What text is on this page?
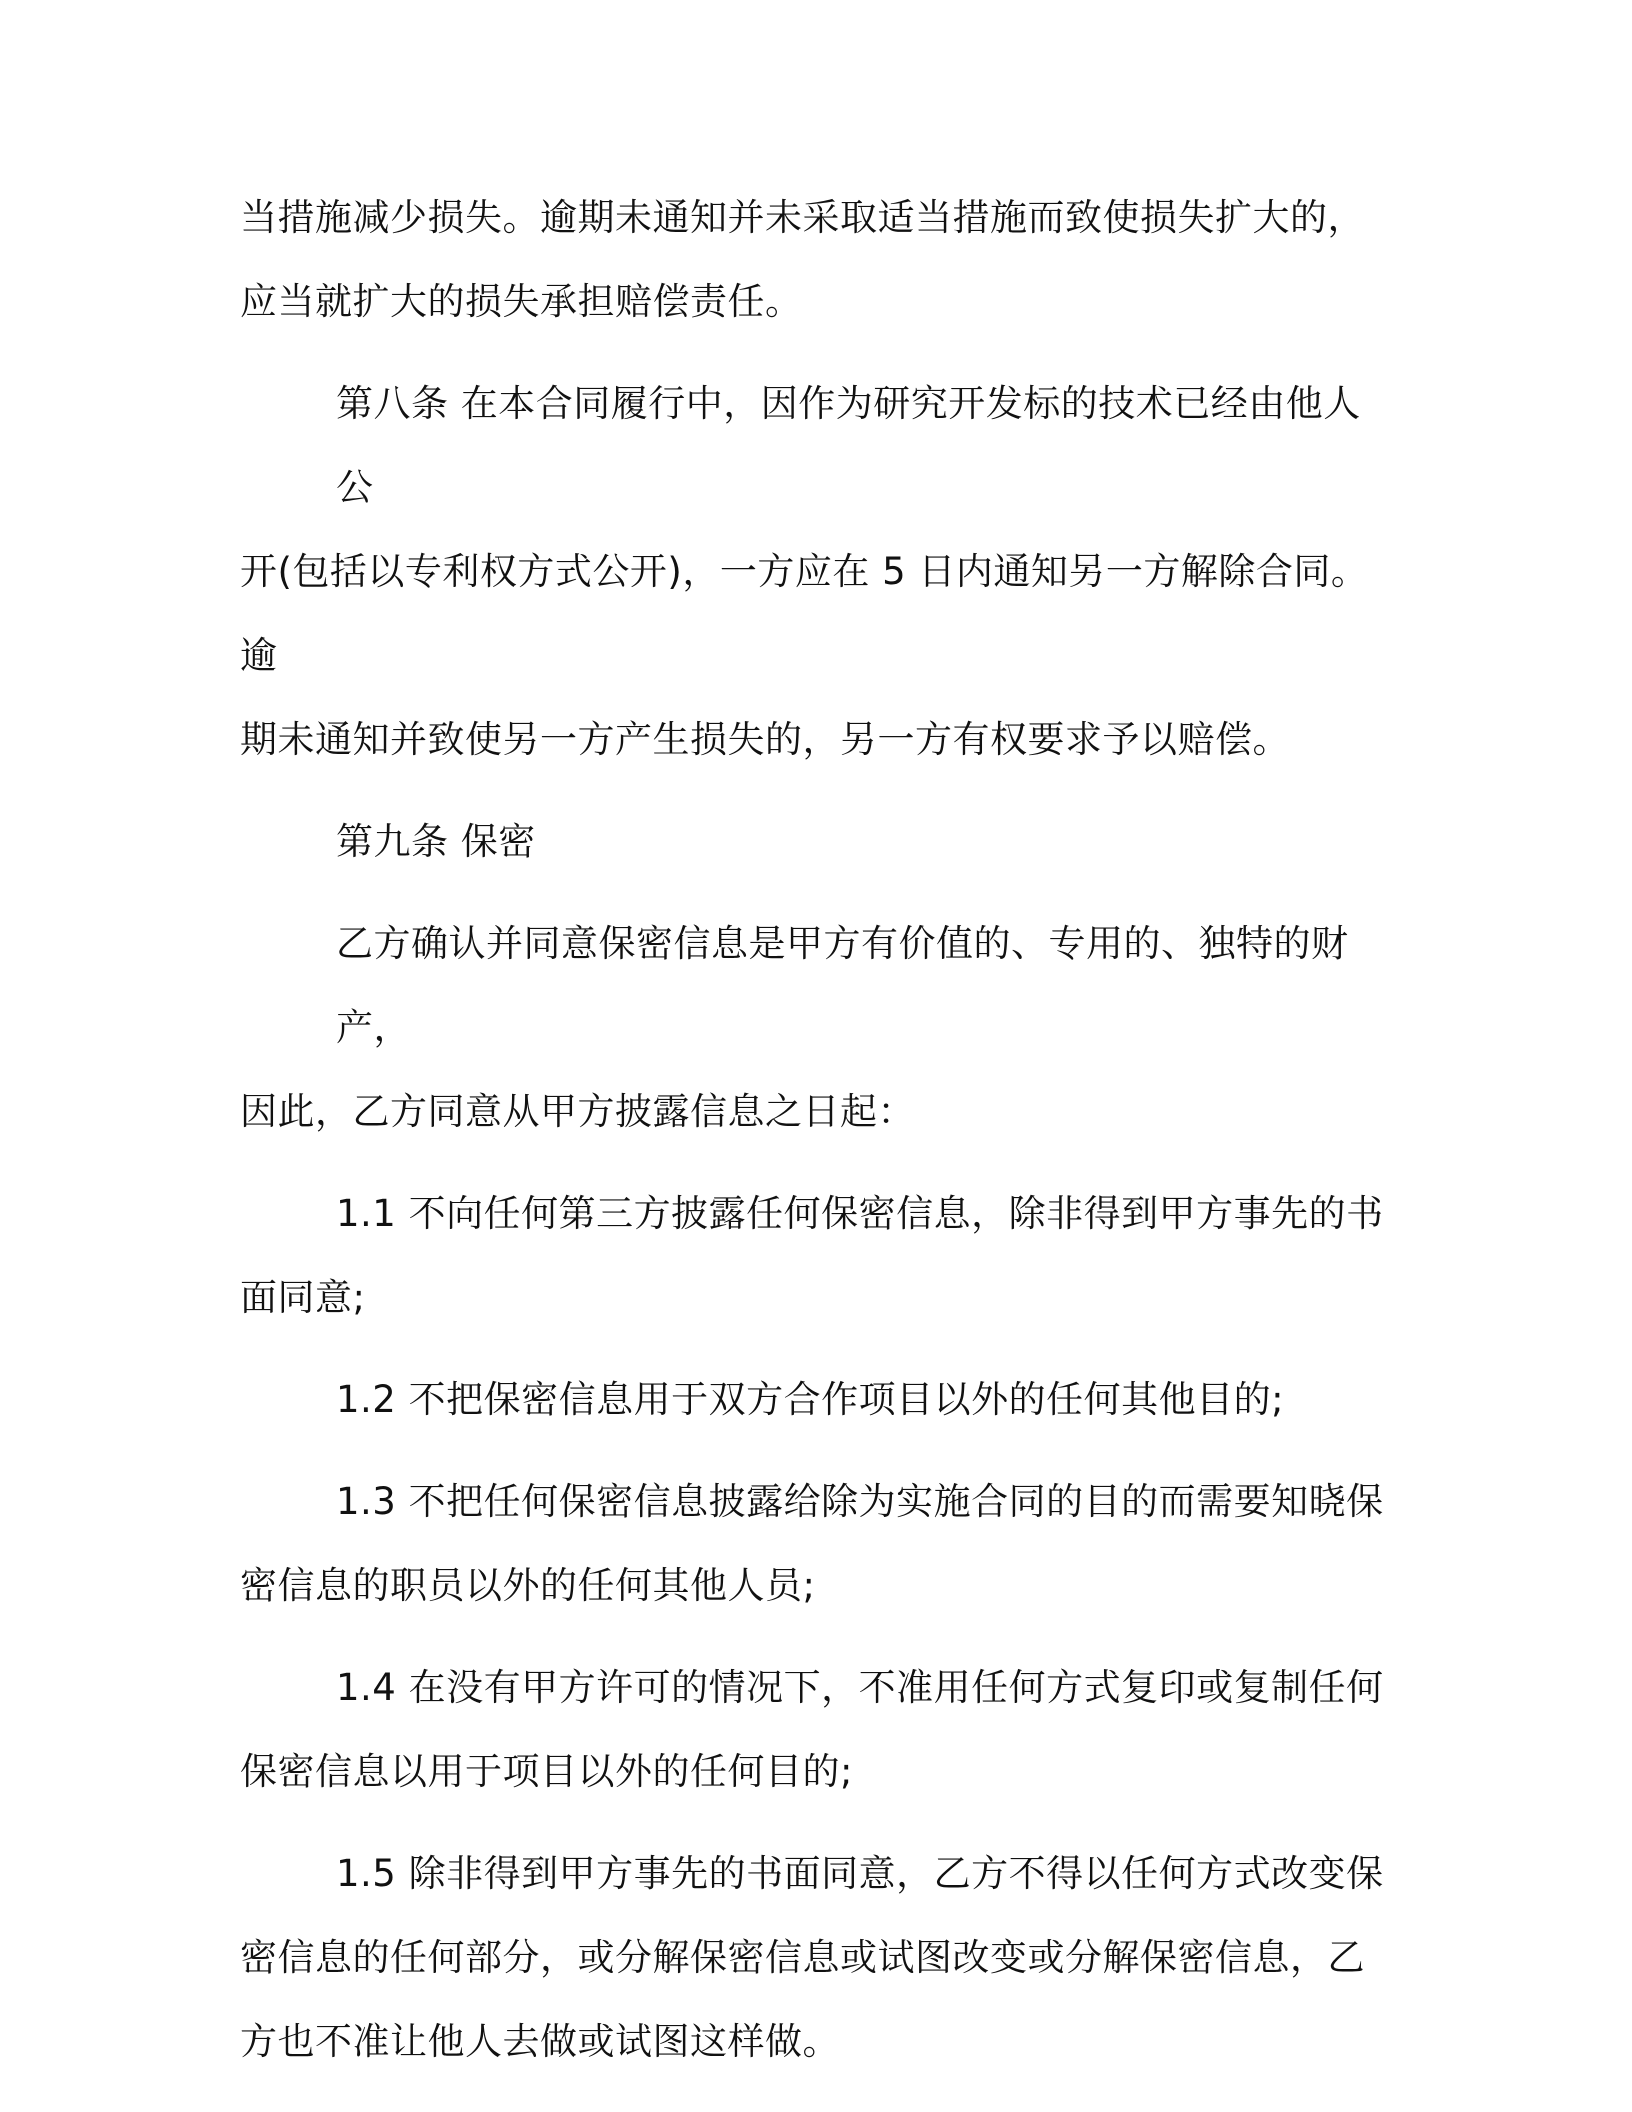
当措施减少损失。逾期未通知并未采取适当措施而致使损失扩大的，
应当就扩大的损失承担赔偿责任。

第八条 在本合同履行中，因作为研究开发标的技术已经由他人公
开(包括以专利权方式公开)，一方应在 5 日内通知另一方解除合同。逾
期未通知并致使另一方产生损失的，另一方有权要求予以赔偿。

第九条 保密

乙方确认并同意保密信息是甲方有价值的、专用的、独特的财产，
因此，乙方同意从甲方披露信息之日起：

1.1 不向任何第三方披露任何保密信息，除非得到甲方事先的书
面同意;

1.2 不把保密信息用于双方合作项目以外的任何其他目的;

1.3 不把任何保密信息披露给除为实施合同的目的而需要知晓保
密信息的职员以外的任何其他人员;

1.4 在没有甲方许可的情况下，不准用任何方式复印或复制任何
保密信息以用于项目以外的任何目的;

1.5 除非得到甲方事先的书面同意，乙方不得以任何方式改变保
密信息的任何部分，或分解保密信息或试图改变或分解保密信息，乙
方也不准让他人去做或试图这样做。
